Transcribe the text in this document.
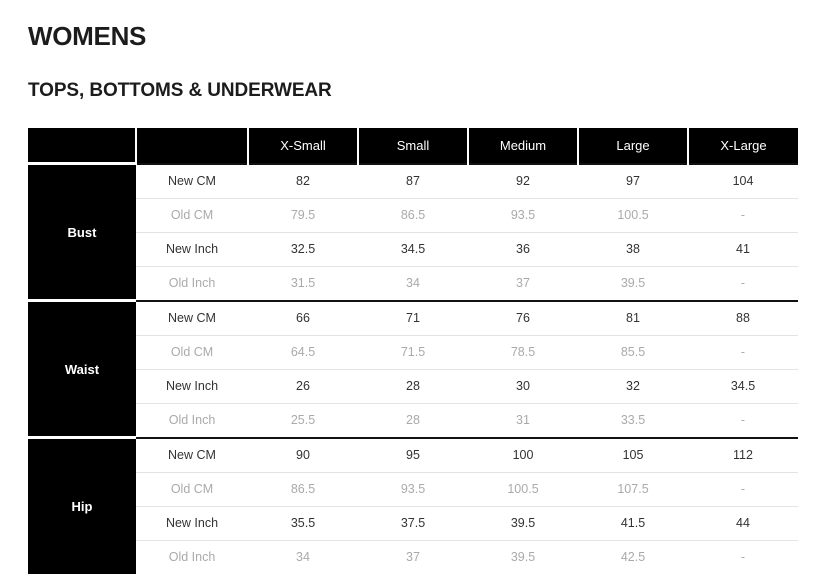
WOMENS
TOPS, BOTTOMS & UNDERWEAR
		X-Small	Small	Medium	Large	X-Large
Bust	New CM	82	87	92	97	104
	Old CM	79.5	86.5	93.5	100.5	-
	New Inch	32.5	34.5	36	38	41
	Old Inch	31.5	34	37	39.5	-
Waist	New CM	66	71	76	81	88
	Old CM	64.5	71.5	78.5	85.5	-
	New Inch	26	28	30	32	34.5
	Old Inch	25.5	28	31	33.5	-
Hip	New CM	90	95	100	105	112
	Old CM	86.5	93.5	100.5	107.5	-
	New Inch	35.5	37.5	39.5	41.5	44
	Old Inch	34	37	39.5	42.5	-
